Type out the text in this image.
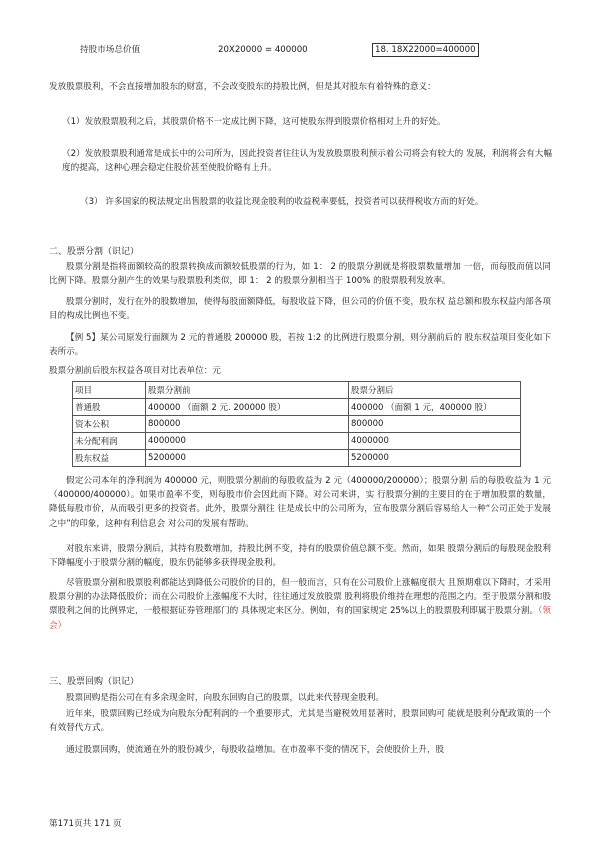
持股市场总价值	20X20000 = 400000	18. 18X22000=400000
发放股票股利，不会直接增加股东的财富，不会改变股东的持股比例，但是其对股东有着特殊的意义：
（1）发放股票股利之后，其股票价格不一定成比例下降，这可使股东得到股票价格相对上升的好处。
（2）发放股票股利通常是成长中的公司所为，因此投资者往往认为发放股票股利预示着公司将会有较大的 发展，利润将会有大幅度的提高，这种心理会稳定住股价甚至使股价略有上升。
（3） 许多国家的税法规定出售股票的收益比现金股利的收益税率要低，投资者可以获得税收方而的好处。
二、股票分割（识记）
股票分割是指将面额较高的股票转换成而额较低股票的行为，如 1： 2 的股票分割就是将股票数量增加 一倍，而每股而值以同比例下降。股票分割产生的效果与股票股利类似，即 1： 2 的股票分割相当于 100% 的股票股利发放率。
股票分割时，发行在外的股数增加，使得每股面额降低，每股收益下降，但公司的价值不变，股东权 益总额和股东权益内部各项目的构成比例也不变。
【例 5】某公司原发行面额为 2 元的普通股 200000 股，若按 1:2 的比例进行股票分割，则分割前后的 股东权益项目变化如下表所示。
股票分割前后股东权益各项目对比表单位：元
项目	股票分割前	股票分割后
普通股	400000 （面额 2 元. 200000 股）	400000 （面额 1 元，400000 股）
资本公积	800000	800000
未分配利润	4000000	4000000
股东权益	5200000	5200000
假定公司本年的净利润为 400000 元，则股票分割前的每股收益为 2 元（400000/200000）；股票分割 后的每股收益为 1 元（400000/400000）。如果市盈率不变，则每股市价会因此而下降。对公司来讲，实 行股票分割的主要目的在于增加股票的数量，降低每股市价，从而吸引更多的投资者。此外，股票分割往 往是成长中的公司所为，宣布股票分割后容易给人一种“公司正处于发展之中”的印象，这种有利信息会 对公司的发展有帮助。
对股东来讲，股票分割后，其持有股数增加，持股比例不变，持有的股票价值总额不变。然而，如果 股票分割后的每股现金股利下降幅度小于股票分割的幅度，股东仍能够多获得现金股利。
尽管股票分割和股票股利都能达到降低公司股价的目的，但一般而言，只有在公司股价上涨幅度很大 且预期难以下降时，才采用股票分割的办法降低股价；而在公司股价上涨幅度不大时，往往通过发放股票 股利将股价维持在理想的范围之内。至于股票分割和股票股利之间的比例界定，一般根据证券管理部门的 具体规定来区分。例如，有的国家规定 25%以上的股票股利即属于股票分割。（领会）
三、股票回购（识记）
股票回购是指公司在有多余现金时，向股东回购自己的股票，以此来代替现金股利。
近年来，股票回购已经成为向股东分配利润的一个重要形式，尤其是当避税效用显著时，股票回购可 能就是股利分配政策的一个有效替代方式。
通过股票回购，使流通在外的股份减少，每股收益增加。在市盈率不变的情况下，会使股价上升，股
第171页共 171 页
